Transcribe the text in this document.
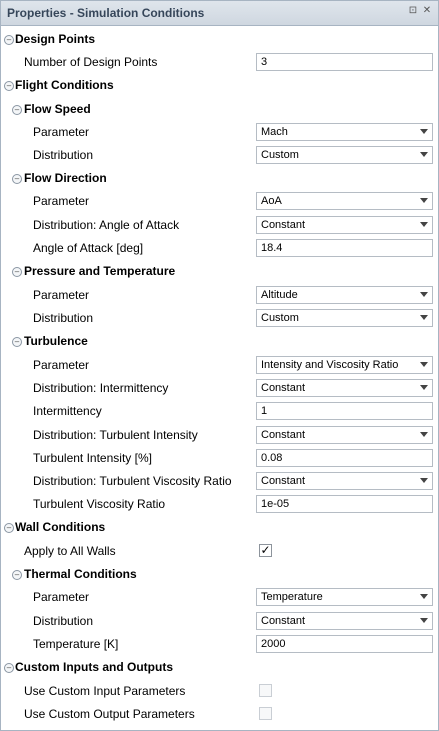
Properties - Simulation Conditions	⊡ ✕
– Design Points
Number of Design Points	3
– Flight Conditions
– Flow Speed
Parameter	Mach
Distribution	Custom
– Flow Direction
Parameter	AoA
Distribution: Angle of Attack	Constant
Angle of Attack [deg]	18.4
– Pressure and Temperature
Parameter	Altitude
Distribution	Custom
– Turbulence
Parameter	Intensity and Viscosity Ratio
Distribution: Intermittency	Constant
Intermittency	1
Distribution: Turbulent Intensity	Constant
Turbulent Intensity [%]	0.08
Distribution: Turbulent Viscosity Ratio	Constant
Turbulent Viscosity Ratio	1e-05
– Wall Conditions
Apply to All Walls	✓
– Thermal Conditions
Parameter	Temperature
Distribution	Constant
Temperature [K]	2000
– Custom Inputs and Outputs
Use Custom Input Parameters
Use Custom Output Parameters
